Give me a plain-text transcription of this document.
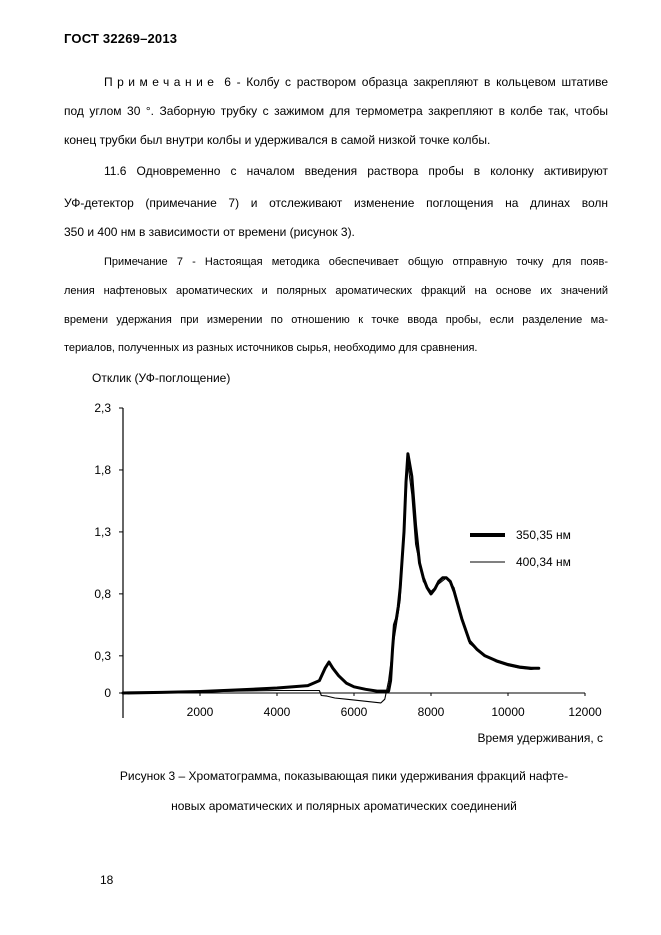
ГОСТ 32269–2013
Примечание 6 - Колбу с раствором образца закрепляют в кольцевом штативе
под углом 30 °. Заборную трубку с зажимом для термометра закрепляют в колбе так, чтобы
конец трубки был внутри колбы и удерживался в самой низкой точке колбы.
11.6 Одновременно с началом введения раствора пробы в колонку активируют
УФ-детектор (примечание 7) и отслеживают изменение поглощения на длинах волн
350 и 400 нм в зависимости от времени (рисунок 3).
Примечание 7 - Настоящая методика обеспечивает общую отправную точку для появ-
ления нафтеновых ароматических и полярных ароматических фракций на основе их значений
времени удержания при измерении по отношению к точке ввода пробы, если разделение ма-
териалов, полученных из разных источников сырья, необходимо для сравнения.
Отклик (УФ-поглощение)
2,3
1,8
1,3
0,8
0,3
0
2000	4000	6000	8000	10000	12000
350,35 нм
400,34 нм
Время удерживания, с
Рисунок 3 – Хроматограмма, показывающая пики удерживания фракций нафте-
новых ароматических и полярных ароматических соединений
18
